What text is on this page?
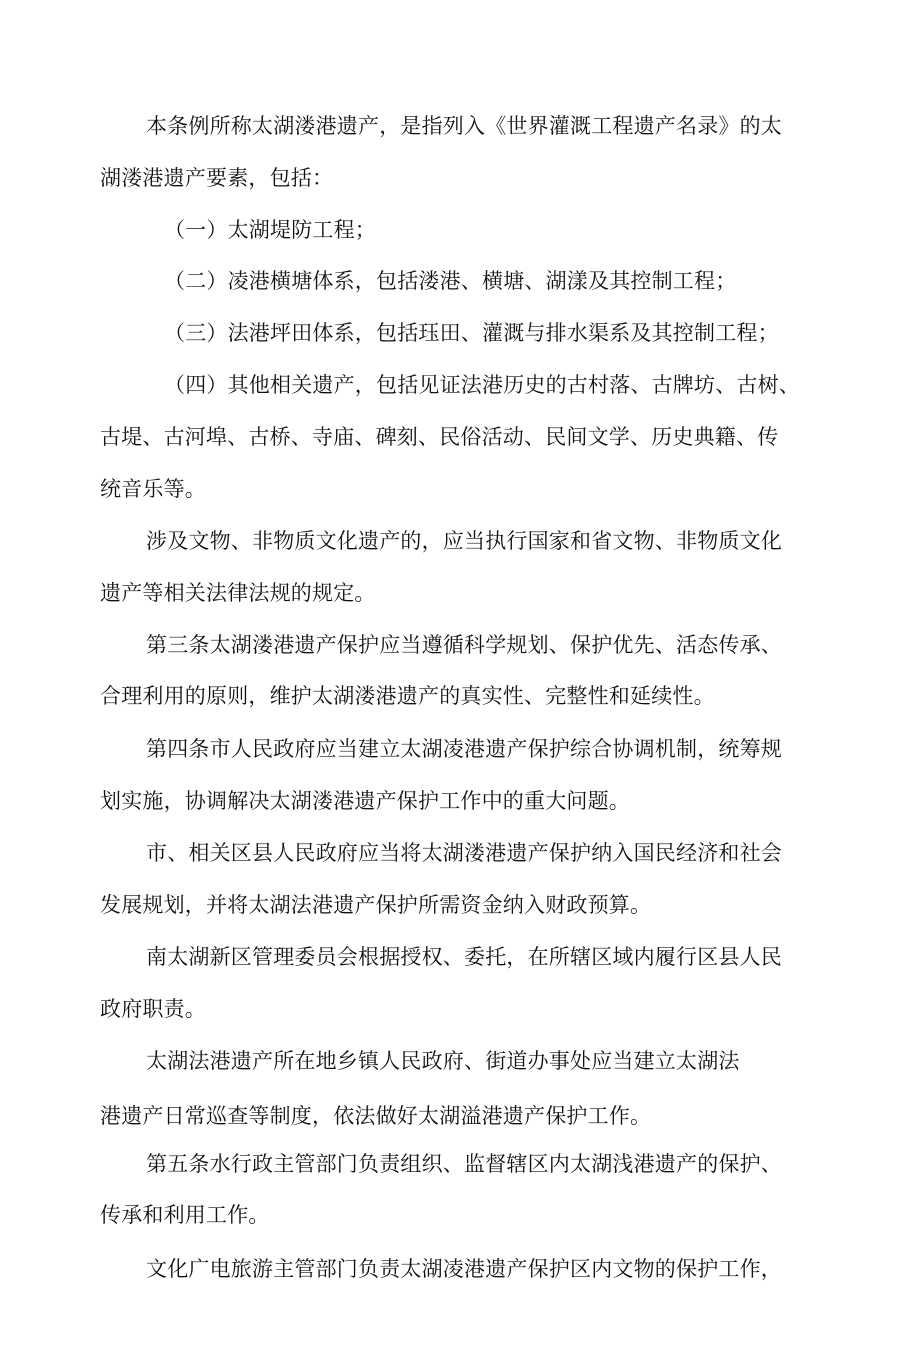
本条例所称太湖溇港遗产，是指列入《世界灌溉工程遗产名录》的太
湖溇港遗产要素，包括：
（一）太湖堤防工程；
（二）凌港横塘体系，包括溇港、横塘、湖漾及其控制工程；
（三）法港坪田体系，包括珏田、灌溉与排水渠系及其控制工程；
（四）其他相关遗产，包括见证法港历史的古村落、古牌坊、古树、
古堤、古河埠、古桥、寺庙、碑刻、民俗活动、民间文学、历史典籍、传
统音乐等。
涉及文物、非物质文化遗产的，应当执行国家和省文物、非物质文化
遗产等相关法律法规的规定。
第三条太湖溇港遗产保护应当遵循科学规划、保护优先、活态传承、
合理利用的原则，维护太湖溇港遗产的真实性、完整性和延续性。
第四条市人民政府应当建立太湖凌港遗产保护综合协调机制，统筹规
划实施，协调解决太湖溇港遗产保护工作中的重大问题。
市、相关区县人民政府应当将太湖溇港遗产保护纳入国民经济和社会
发展规划，并将太湖法港遗产保护所需资金纳入财政预算。
南太湖新区管理委员会根据授权、委托，在所辖区域内履行区县人民
政府职责。
太湖法港遗产所在地乡镇人民政府、街道办事处应当建立太湖法
港遗产日常巡查等制度，依法做好太湖溢港遗产保护工作。
第五条水行政主管部门负责组织、监督辖区内太湖浅港遗产的保护、
传承和利用工作。
文化广电旅游主管部门负责太湖凌港遗产保护区内文物的保护工作，
